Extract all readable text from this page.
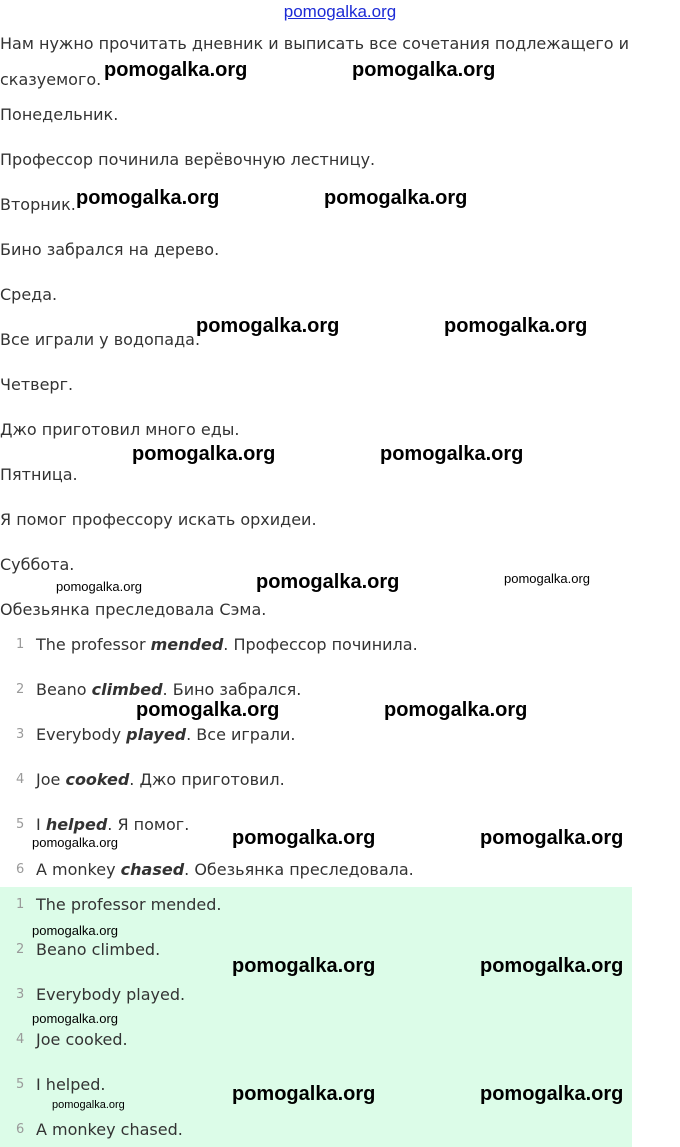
pomogalka.org

Нам нужно прочитать дневник и выписать все сочетания подлежащего и

сказуемого.

Понедельник.

Профессор починила верёвочную лестницу.

Вторник.

Бино забрался на дерево.

Среда.

Все играли у водопада.

Четверг.

Джо приготовил много еды.

Пятница.

Я помог профессору искать орхидеи.

Суббота.

Обезьянка преследовала Сэма.

1 The professor mended. Профессор починила.
2 Beano climbed. Бино забрался.
3 Everybody played. Все играли.
4 Joe cooked. Джо приготовил.
5 I helped. Я помог.
6 A monkey chased. Обезьянка преследовала.
1 The professor mended.
2 Beano climbed.
3 Everybody played.
4 Joe cooked.
5 I helped.
6 A monkey chased.
pomogalka.org	pomogalka.org
pomogalka.org	pomogalka.org
pomogalka.org	pomogalka.org
pomogalka.org	pomogalka.org
pomogalka.org	pomogalka.org	pomogalka.org
pomogalka.org	pomogalka.org
pomogalka.org	pomogalka.org	pomogalka.org
pomogalka.org
pomogalka.org	pomogalka.org
pomogalka.org
pomogalka.org	pomogalka.org
pomogalka.org
